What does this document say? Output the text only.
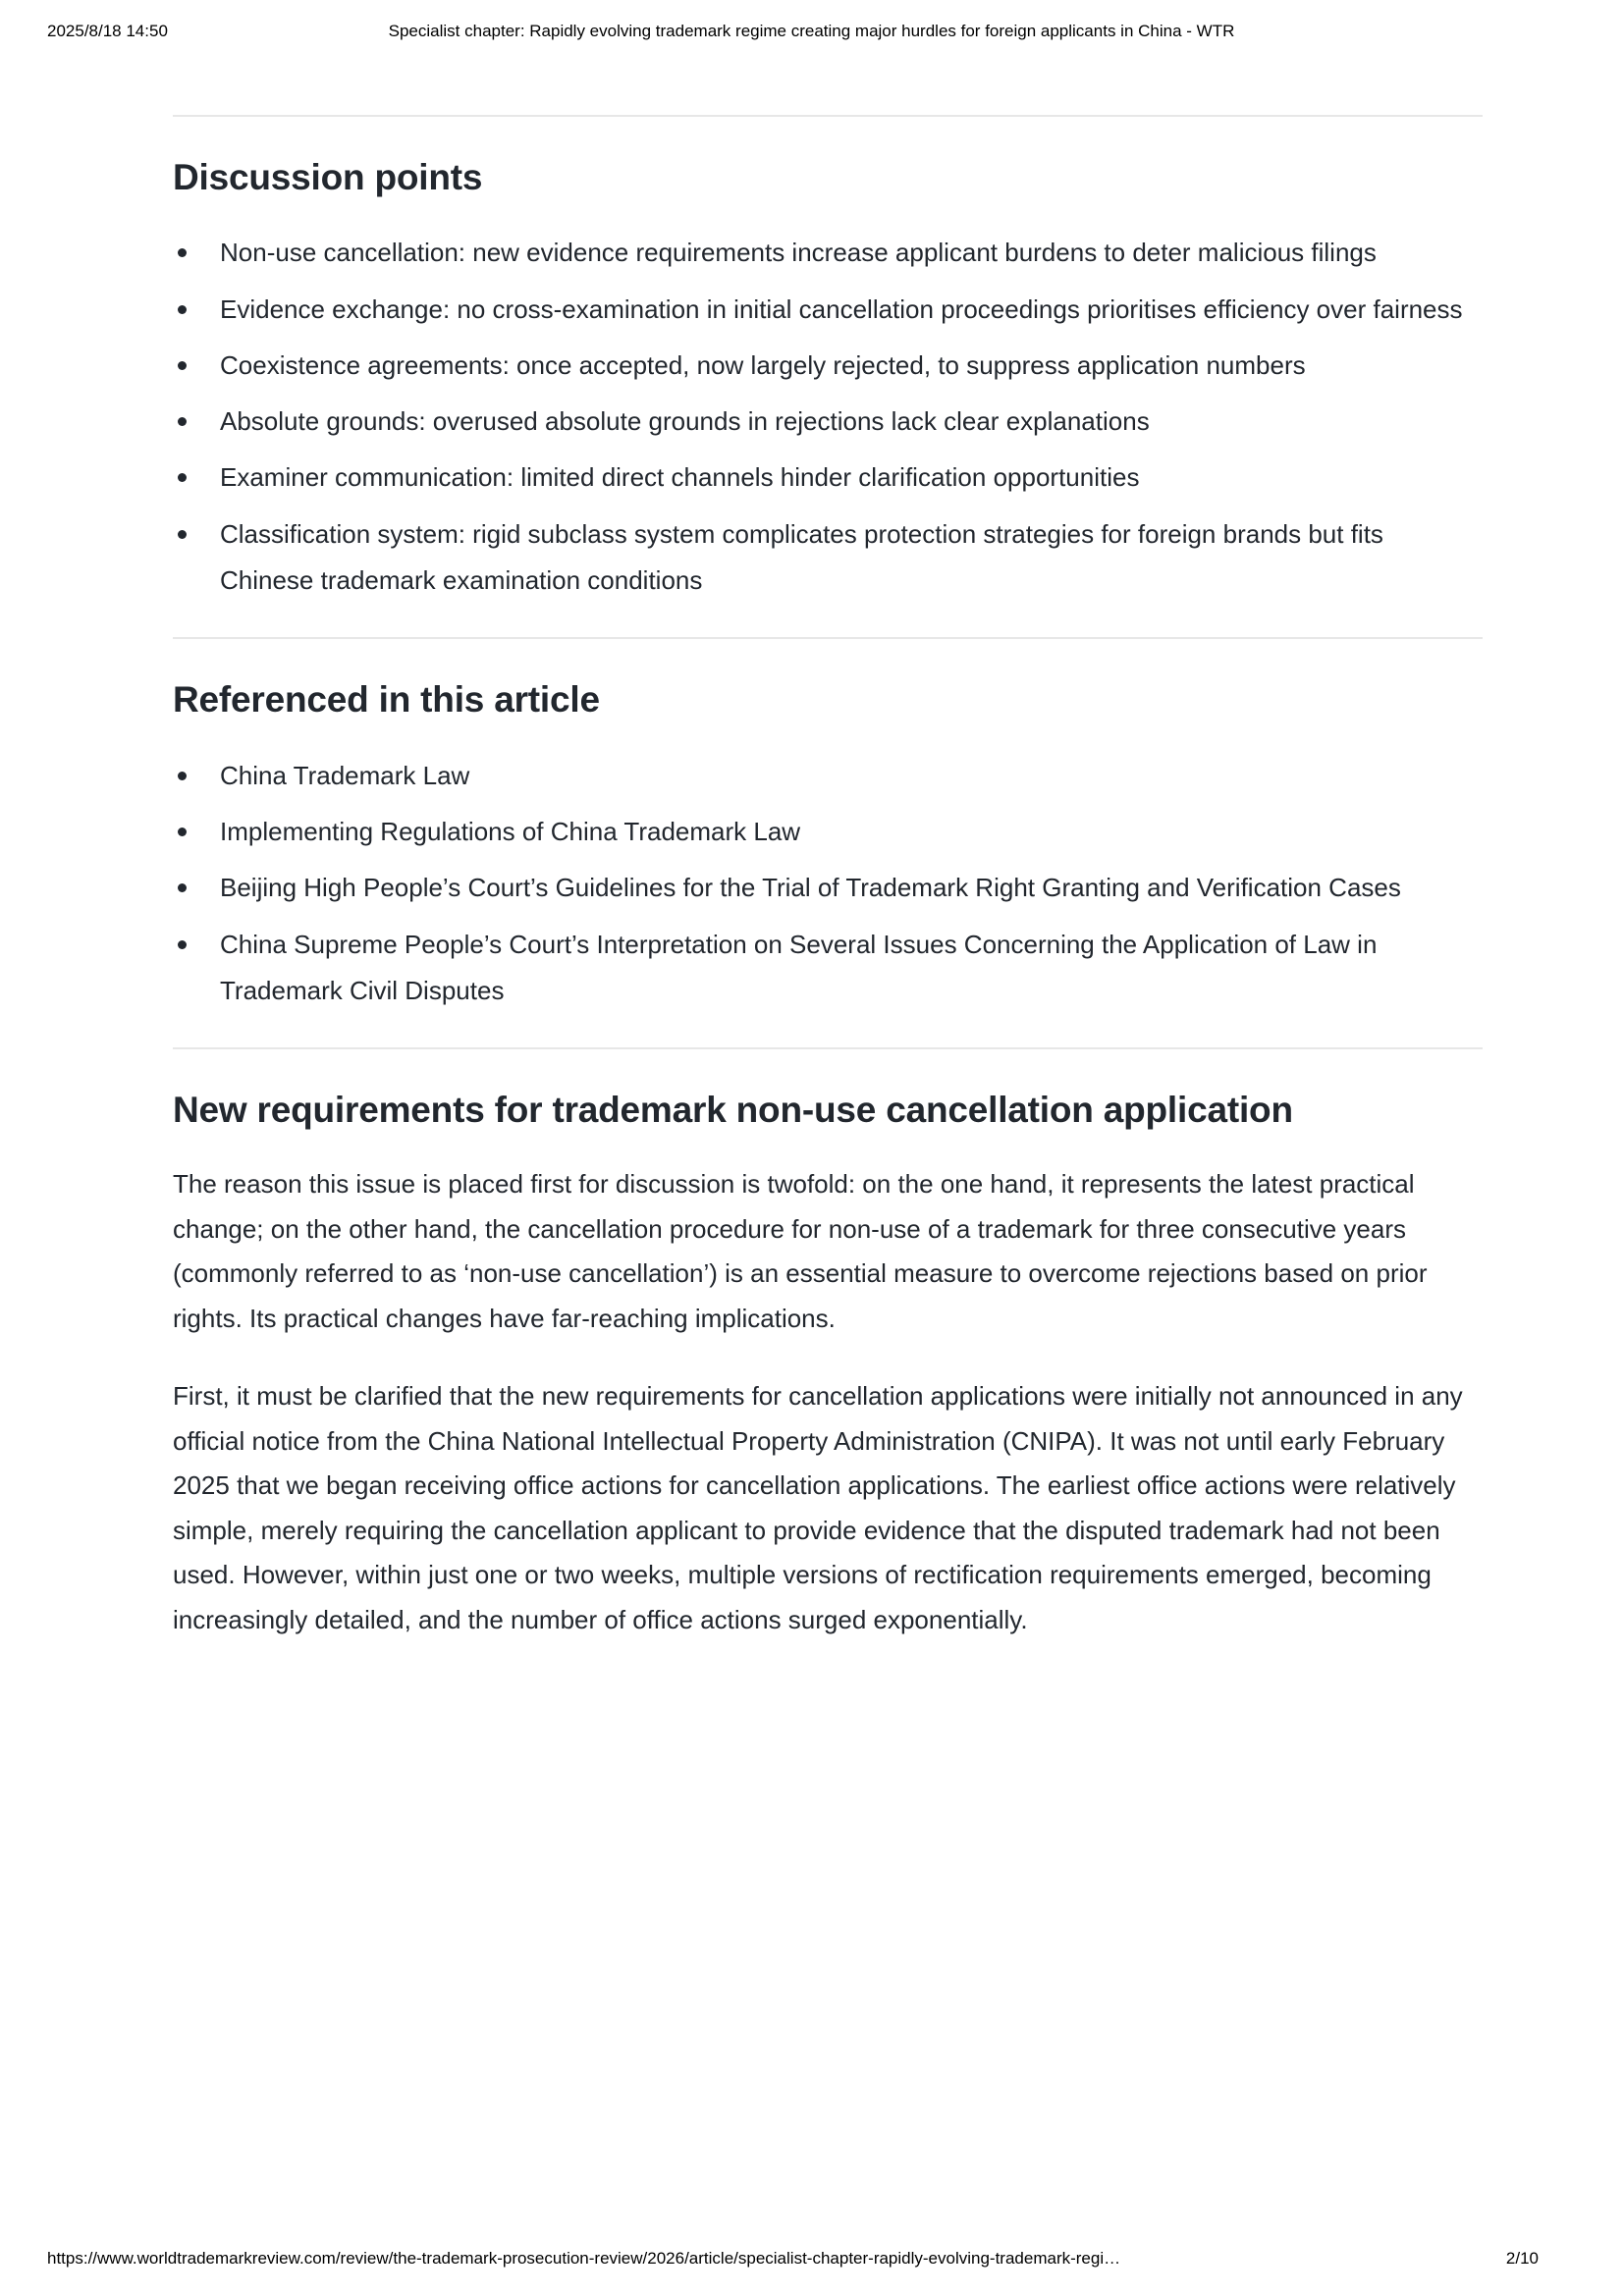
2025/8/18 14:50	Specialist chapter: Rapidly evolving trademark regime creating major hurdles for foreign applicants in China - WTR
Discussion points
Non-use cancellation: new evidence requirements increase applicant burdens to deter malicious filings
Evidence exchange: no cross-examination in initial cancellation proceedings prioritises efficiency over fairness
Coexistence agreements: once accepted, now largely rejected, to suppress application numbers
Absolute grounds: overused absolute grounds in rejections lack clear explanations
Examiner communication: limited direct channels hinder clarification opportunities
Classification system: rigid subclass system complicates protection strategies for foreign brands but fits Chinese trademark examination conditions
Referenced in this article
China Trademark Law
Implementing Regulations of China Trademark Law
Beijing High People’s Court’s Guidelines for the Trial of Trademark Right Granting and Verification Cases
China Supreme People’s Court’s Interpretation on Several Issues Concerning the Application of Law in Trademark Civil Disputes
New requirements for trademark non-use cancellation application

The reason this issue is placed first for discussion is twofold: on the one hand, it represents the latest practical change; on the other hand, the cancellation procedure for non-use of a trademark for three consecutive years (commonly referred to as ‘non-use cancellation’) is an essential measure to overcome rejections based on prior rights. Its practical changes have far-reaching implications.

First, it must be clarified that the new requirements for cancellation applications were initially not announced in any official notice from the China National Intellectual Property Administration (CNIPA). It was not until early February 2025 that we began receiving office actions for cancellation applications. The earliest office actions were relatively simple, merely requiring the cancellation applicant to provide evidence that the disputed trademark had not been used. However, within just one or two weeks, multiple versions of rectification requirements emerged, becoming increasingly detailed, and the number of office actions surged exponentially.

https://www.worldtrademarkreview.com/review/the-trademark-prosecution-review/2026/article/specialist-chapter-rapidly-evolving-trademark-regi…	2/10
